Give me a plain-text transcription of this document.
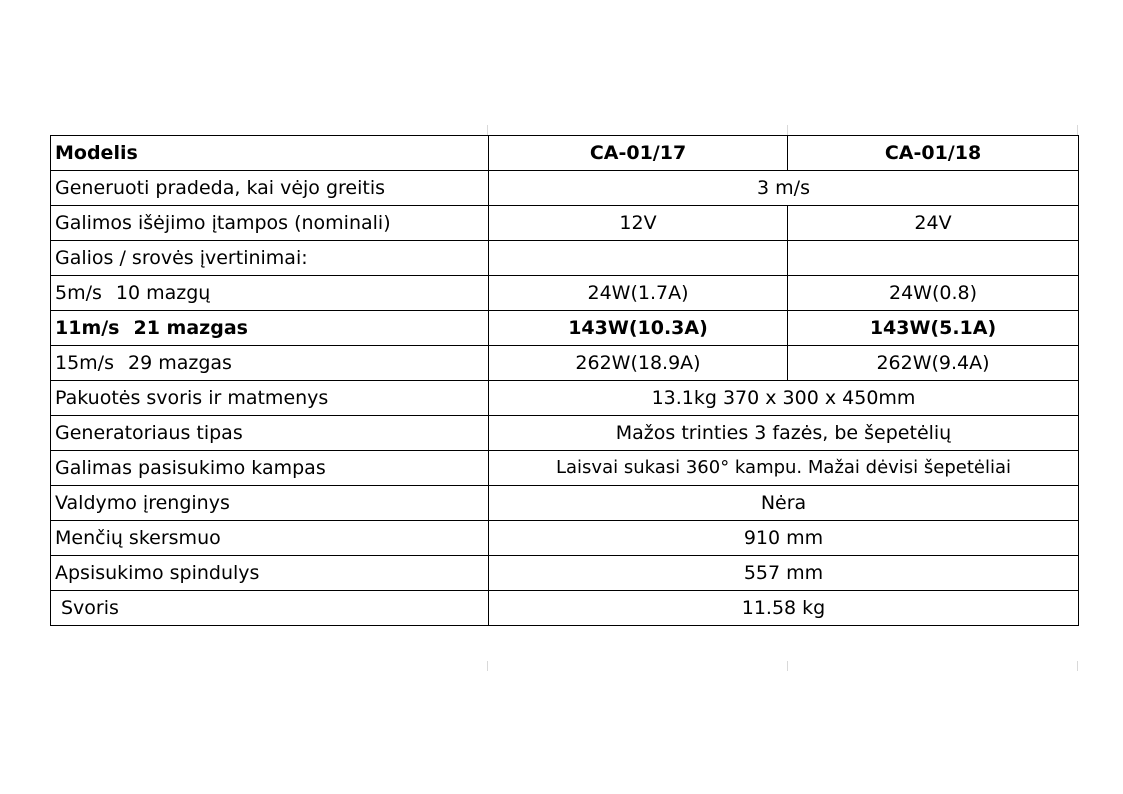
Modelis	CA-01/17	CA-01/18
Generuoti pradeda, kai vėjo greitis	3 m/s	
Galimos išėjimo įtampos (nominali)	12V	24V
Galios / srovės įvertinimai:		
5m/s 10 mazgų	24W(1.7A)	24W(0.8)
11m/s 21 mazgas	143W(10.3A)	143W(5.1A)
15m/s 29 mazgas	262W(18.9A)	262W(9.4A)
Pakuotės svoris ir matmenys	13.1kg 370 x 300 x 450mm	
Generatoriaus tipas	Mažos trinties 3 fazės, be šepetėlių	
Galimas pasisukimo kampas	Laisvai sukasi 360° kampu. Mažai dėvisi šepetėliai	
Valdymo įrenginys	Nėra	
Menčių skersmuo	910 mm	
Apsisukimo spindulys	557 mm	
Svoris	11.58 kg	
